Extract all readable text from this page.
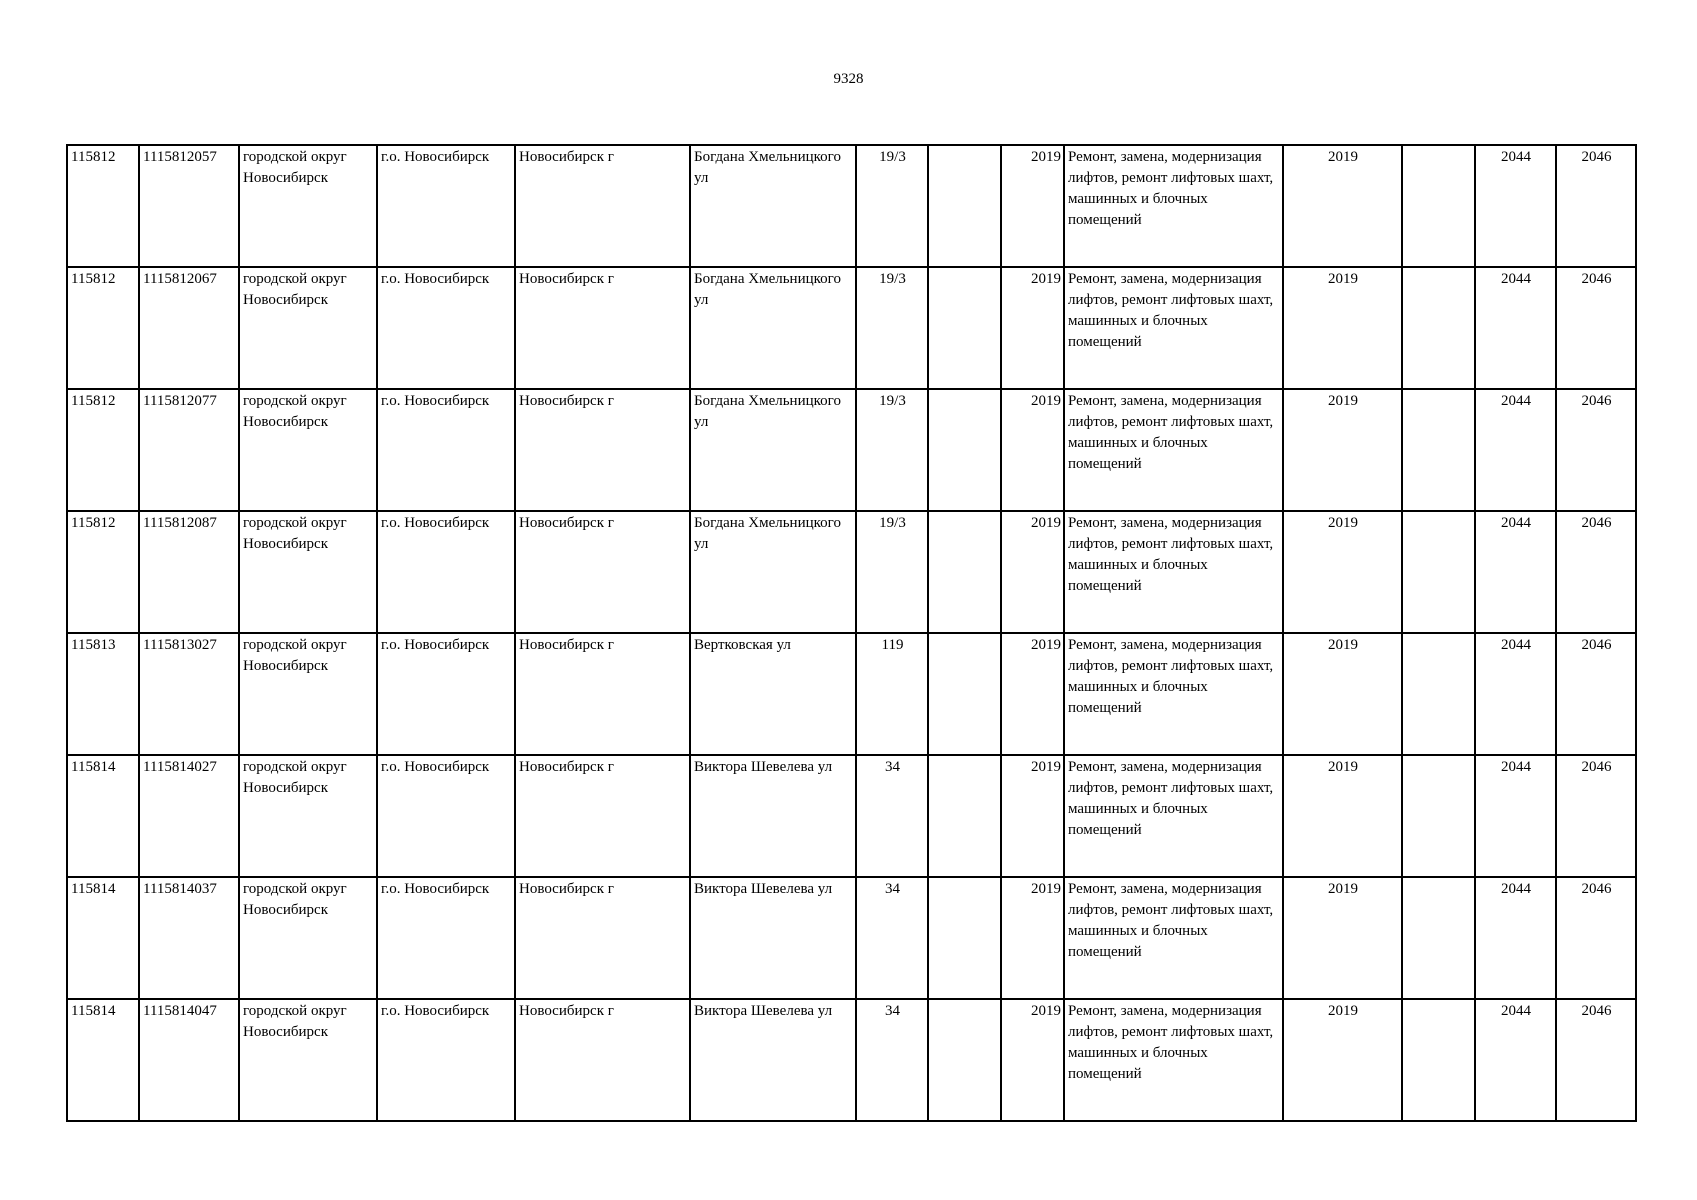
9328
115812	1115812057	городской округ Новосибирск	г.о. Новосибирск	Новосибирск г	Богдана Хмельницкого ул	19/3		2019	Ремонт, замена, модернизация лифтов, ремонт лифтовых шахт, машинных и блочных помещений	2019		2044	2046
115812	1115812067	городской округ Новосибирск	г.о. Новосибирск	Новосибирск г	Богдана Хмельницкого ул	19/3		2019	Ремонт, замена, модернизация лифтов, ремонт лифтовых шахт, машинных и блочных помещений	2019		2044	2046
115812	1115812077	городской округ Новосибирск	г.о. Новосибирск	Новосибирск г	Богдана Хмельницкого ул	19/3		2019	Ремонт, замена, модернизация лифтов, ремонт лифтовых шахт, машинных и блочных помещений	2019		2044	2046
115812	1115812087	городской округ Новосибирск	г.о. Новосибирск	Новосибирск г	Богдана Хмельницкого ул	19/3		2019	Ремонт, замена, модернизация лифтов, ремонт лифтовых шахт, машинных и блочных помещений	2019		2044	2046
115813	1115813027	городской округ Новосибирск	г.о. Новосибирск	Новосибирск г	Вертковская ул	119		2019	Ремонт, замена, модернизация лифтов, ремонт лифтовых шахт, машинных и блочных помещений	2019		2044	2046
115814	1115814027	городской округ Новосибирск	г.о. Новосибирск	Новосибирск г	Виктора Шевелева ул	34		2019	Ремонт, замена, модернизация лифтов, ремонт лифтовых шахт, машинных и блочных помещений	2019		2044	2046
115814	1115814037	городской округ Новосибирск	г.о. Новосибирск	Новосибирск г	Виктора Шевелева ул	34		2019	Ремонт, замена, модернизация лифтов, ремонт лифтовых шахт, машинных и блочных помещений	2019		2044	2046
115814	1115814047	городской округ Новосибирск	г.о. Новосибирск	Новосибирск г	Виктора Шевелева ул	34		2019	Ремонт, замена, модернизация лифтов, ремонт лифтовых шахт, машинных и блочных помещений	2019		2044	2046
